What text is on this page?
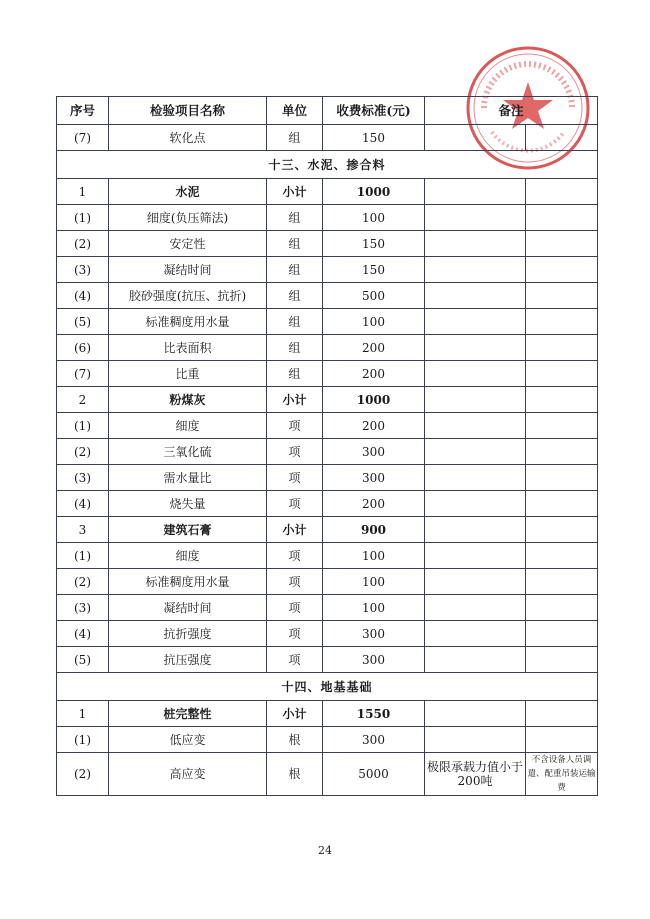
序号	检验项目名称	单位	收费标准(元)	备注	
(7)	软化点	组	150		
十三、水泥、掺合料					
1	水泥	小计	1000		
(1)	细度(负压筛法)	组	100		
(2)	安定性	组	150		
(3)	凝结时间	组	150		
(4)	胶砂强度(抗压、抗折)	组	500		
(5)	标准稠度用水量	组	100		
(6)	比表面积	组	200		
(7)	比重	组	200		
2	粉煤灰	小计	1000		
(1)	细度	项	200		
(2)	三氧化硫	项	300		
(3)	需水量比	项	300		
(4)	烧失量	项	200		
3	建筑石膏	小计	900		
(1)	细度	项	100		
(2)	标准稠度用水量	项	100		
(3)	凝结时间	项	100		
(4)	抗折强度	项	300		
(5)	抗压强度	项	300		
十四、地基基础					
1	桩完整性	小计	1550		
(1)	低应变	根	300		
(2)	高应变	根	5000	极限承载力值小于200吨	不含设备人员调遣、配重吊装运输费
24
